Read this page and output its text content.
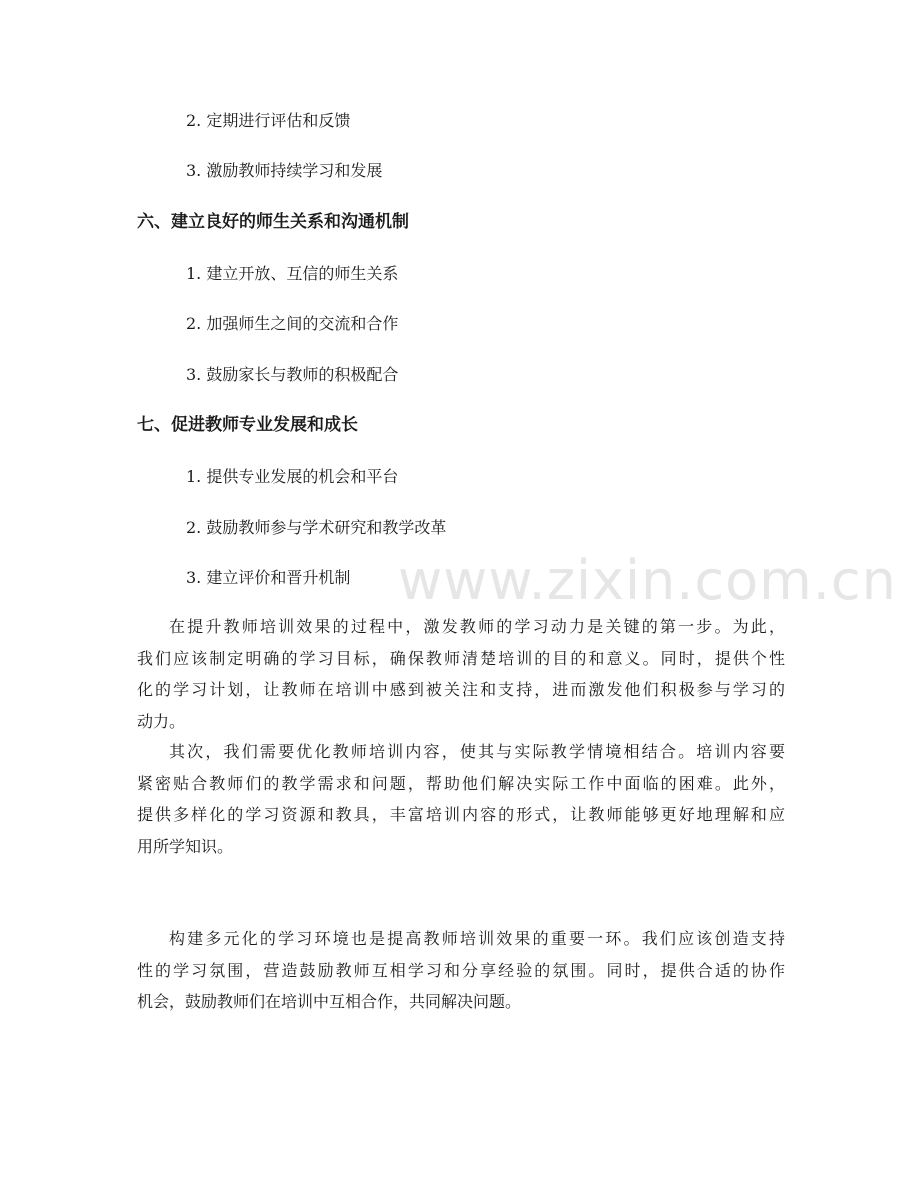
www.zixin.com.cn
2. 定期进行评估和反馈
3. 激励教师持续学习和发展
六、建立良好的师生关系和沟通机制
1. 建立开放、互信的师生关系
2. 加强师生之间的交流和合作
3. 鼓励家长与教师的积极配合
七、促进教师专业发展和成长
1. 提供专业发展的机会和平台
2. 鼓励教师参与学术研究和教学改革
3. 建立评价和晋升机制

在提升教师培训效果的过程中，激发教师的学习动力是关键的第一步。为此，
我们应该制定明确的学习目标，确保教师清楚培训的目的和意义。同时，提供个性
化的学习计划，让教师在培训中感到被关注和支持，进而激发他们积极参与学习的
动力。

其次，我们需要优化教师培训内容，使其与实际教学情境相结合。培训内容要
紧密贴合教师们的教学需求和问题，帮助他们解决实际工作中面临的困难。此外，
提供多样化的学习资源和教具，丰富培训内容的形式，让教师能够更好地理解和应
用所学知识。

构建多元化的学习环境也是提高教师培训效果的重要一环。我们应该创造支持
性的学习氛围，营造鼓励教师互相学习和分享经验的氛围。同时，提供合适的协作
机会，鼓励教师们在培训中互相合作，共同解决问题。
